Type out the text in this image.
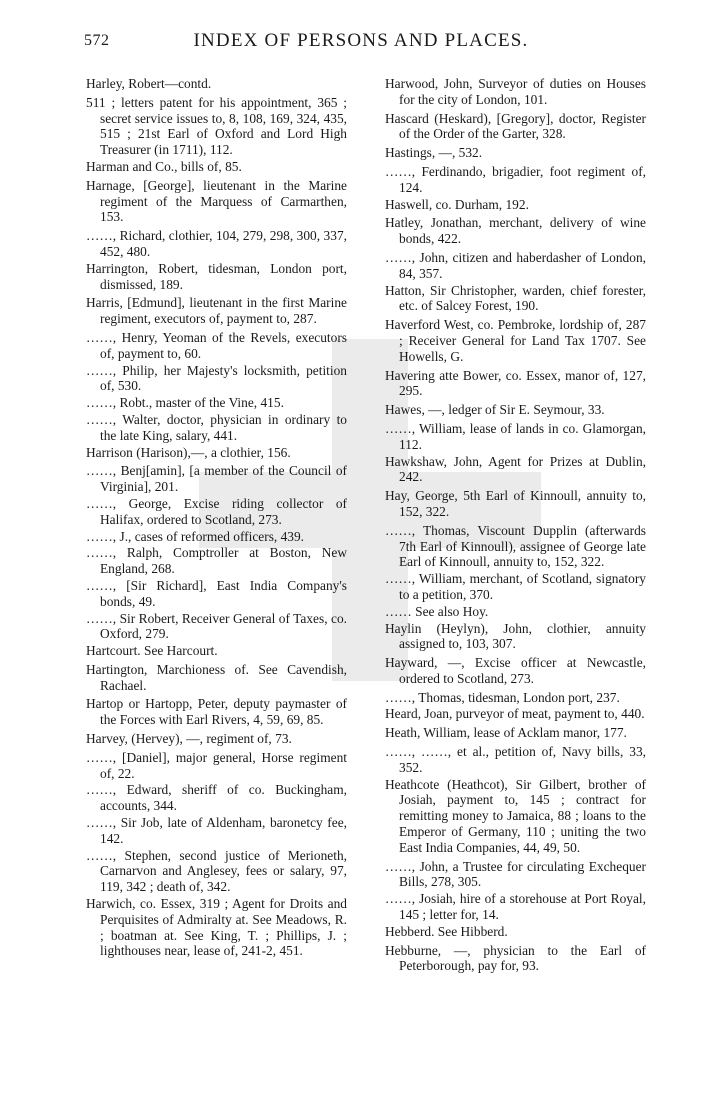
572	INDEX OF PERSONS AND PLACES.

Harley, Robert—contd.

511 ; letters patent for his appointment, 365 ; secret service issues to, 8, 108, 169, 324, 435, 515 ; 21st Earl of Oxford and Lord High Treasurer (in 1711), 112.

Harman and Co., bills of, 85.

Harnage, [George], lieutenant in the Marine regiment of the Marquess of Carmarthen, 153.

……, Richard, clothier, 104, 279, 298, 300, 337, 452, 480.

Harrington, Robert, tidesman, London port, dismissed, 189.

Harris, [Edmund], lieutenant in the first Marine regiment, executors of, payment to, 287.

……, Henry, Yeoman of the Revels, executors of, payment to, 60.

……, Philip, her Majesty's locksmith, petition of, 530.

……, Robt., master of the Vine, 415.

……, Walter, doctor, physician in ordinary to the late King, salary, 441.

Harrison (Harison),—, a clothier, 156.

……, Benj[amin], [a member of the Council of Virginia], 201.

……, George, Excise riding collector of Halifax, ordered to Scotland, 273.

……, J., cases of reformed officers, 439.

……, Ralph, Comptroller at Boston, New England, 268.

……, [Sir Richard], East India Company's bonds, 49.

……, Sir Robert, Receiver General of Taxes, co. Oxford, 279.

Hartcourt. See Harcourt.

Hartington, Marchioness of. See Cavendish, Rachael.

Hartop or Hartopp, Peter, deputy paymaster of the Forces with Earl Rivers, 4, 59, 69, 85.

Harvey, (Hervey), —, regiment of, 73.

……, [Daniel], major general, Horse regiment of, 22.

……, Edward, sheriff of co. Buckingham, accounts, 344.

……, Sir Job, late of Aldenham, baronetcy fee, 142.

……, Stephen, second justice of Merioneth, Carnarvon and Anglesey, fees or salary, 97, 119, 342 ; death of, 342.

Harwich, co. Essex, 319 ; Agent for Droits and Perquisites of Admiralty at. See Meadows, R. ; boatman at. See King, T. ; Phillips, J. ; lighthouses near, lease of, 241-2, 451.

Harwood, John, Surveyor of duties on Houses for the city of London, 101.

Hascard (Heskard), [Gregory], doctor, Register of the Order of the Garter, 328.

Hastings, —, 532.

……, Ferdinando, brigadier, foot regiment of, 124.

Haswell, co. Durham, 192.

Hatley, Jonathan, merchant, delivery of wine bonds, 422.

……, John, citizen and haberdasher of London, 84, 357.

Hatton, Sir Christopher, warden, chief forester, etc. of Salcey Forest, 190.

Haverford West, co. Pembroke, lordship of, 287 ; Receiver General for Land Tax 1707. See Howells, G.

Havering atte Bower, co. Essex, manor of, 127, 295.

Hawes, —, ledger of Sir E. Seymour, 33.

……, William, lease of lands in co. Glamorgan, 112.

Hawkshaw, John, Agent for Prizes at Dublin, 242.

Hay, George, 5th Earl of Kinnoull, annuity to, 152, 322.

……, Thomas, Viscount Dupplin (afterwards 7th Earl of Kinnoull), assignee of George late Earl of Kinnoull, annuity to, 152, 322.

……, William, merchant, of Scotland, signatory to a petition, 370.

…… See also Hoy.

Haylin (Heylyn), John, clothier, annuity assigned to, 103, 307.

Hayward, —, Excise officer at Newcastle, ordered to Scotland, 273.

……, Thomas, tidesman, London port, 237.

Heard, Joan, purveyor of meat, payment to, 440.

Heath, William, lease of Acklam manor, 177.

……, ……, et al., petition of, Navy bills, 33, 352.

Heathcote (Heathcot), Sir Gilbert, brother of Josiah, payment to, 145 ; contract for remitting money to Jamaica, 88 ; loans to the Emperor of Germany, 110 ; uniting the two East India Companies, 44, 49, 50.

……, John, a Trustee for circulating Exchequer Bills, 278, 305.

……, Josiah, hire of a storehouse at Port Royal, 145 ; letter for, 14.

Hebberd. See Hibberd.

Hebburne, —, physician to the Earl of Peterborough, pay for, 93.
